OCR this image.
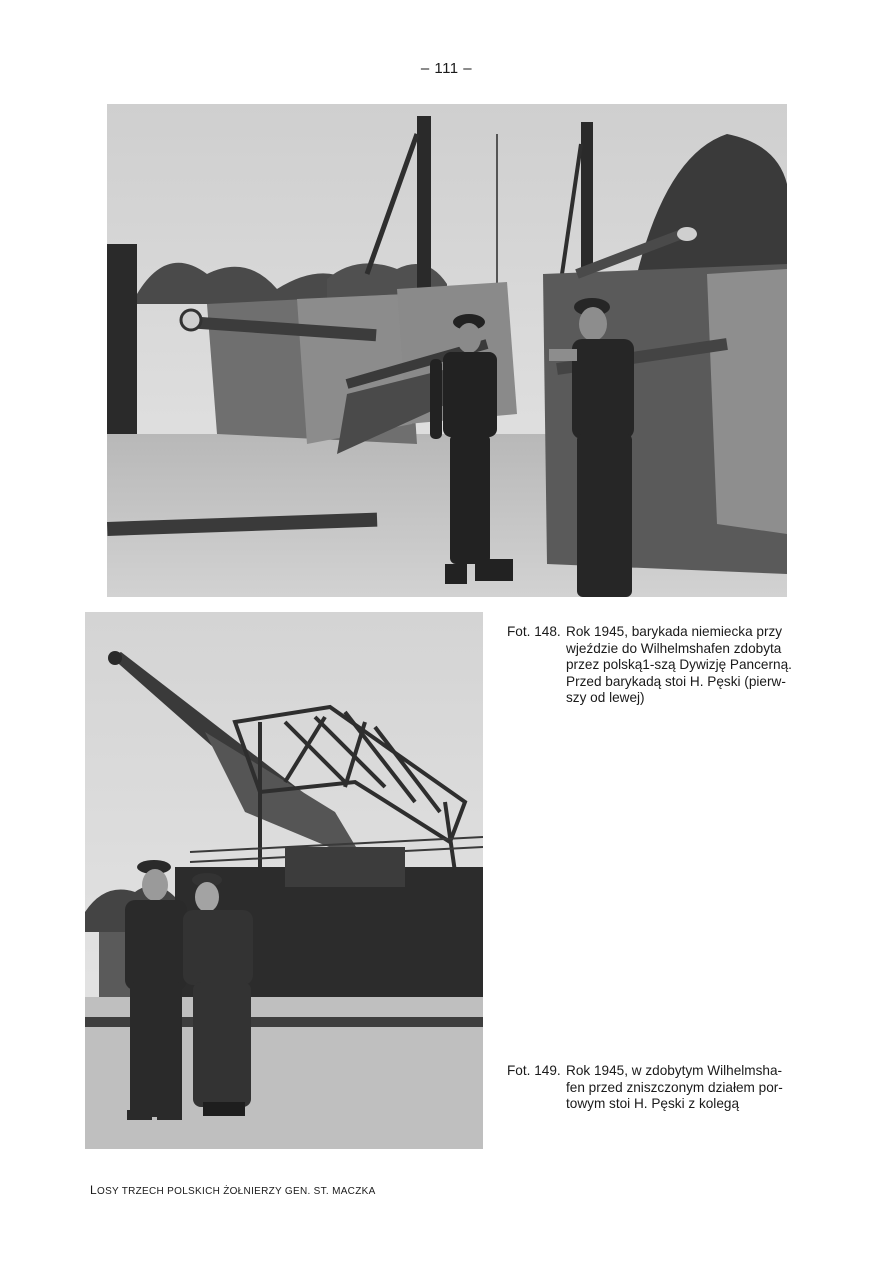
– 111 –
Fot. 148. Rok 1945, barykada niemiecka przy
wjeździe do Wilhelmshafen zdobyta
przez polską1-szą Dywizję Pancerną.
Przed barykadą stoi H. Pęski (pierw-
szy od lewej)
Fot. 149. Rok 1945, w zdobytym Wilhelmsha-
fen przed zniszczonym działem por-
towym stoi H. Pęski z kolegą
LOSY TRZECH POLSKICH ŻOŁNIERZY GEN. ST. MACZKA
